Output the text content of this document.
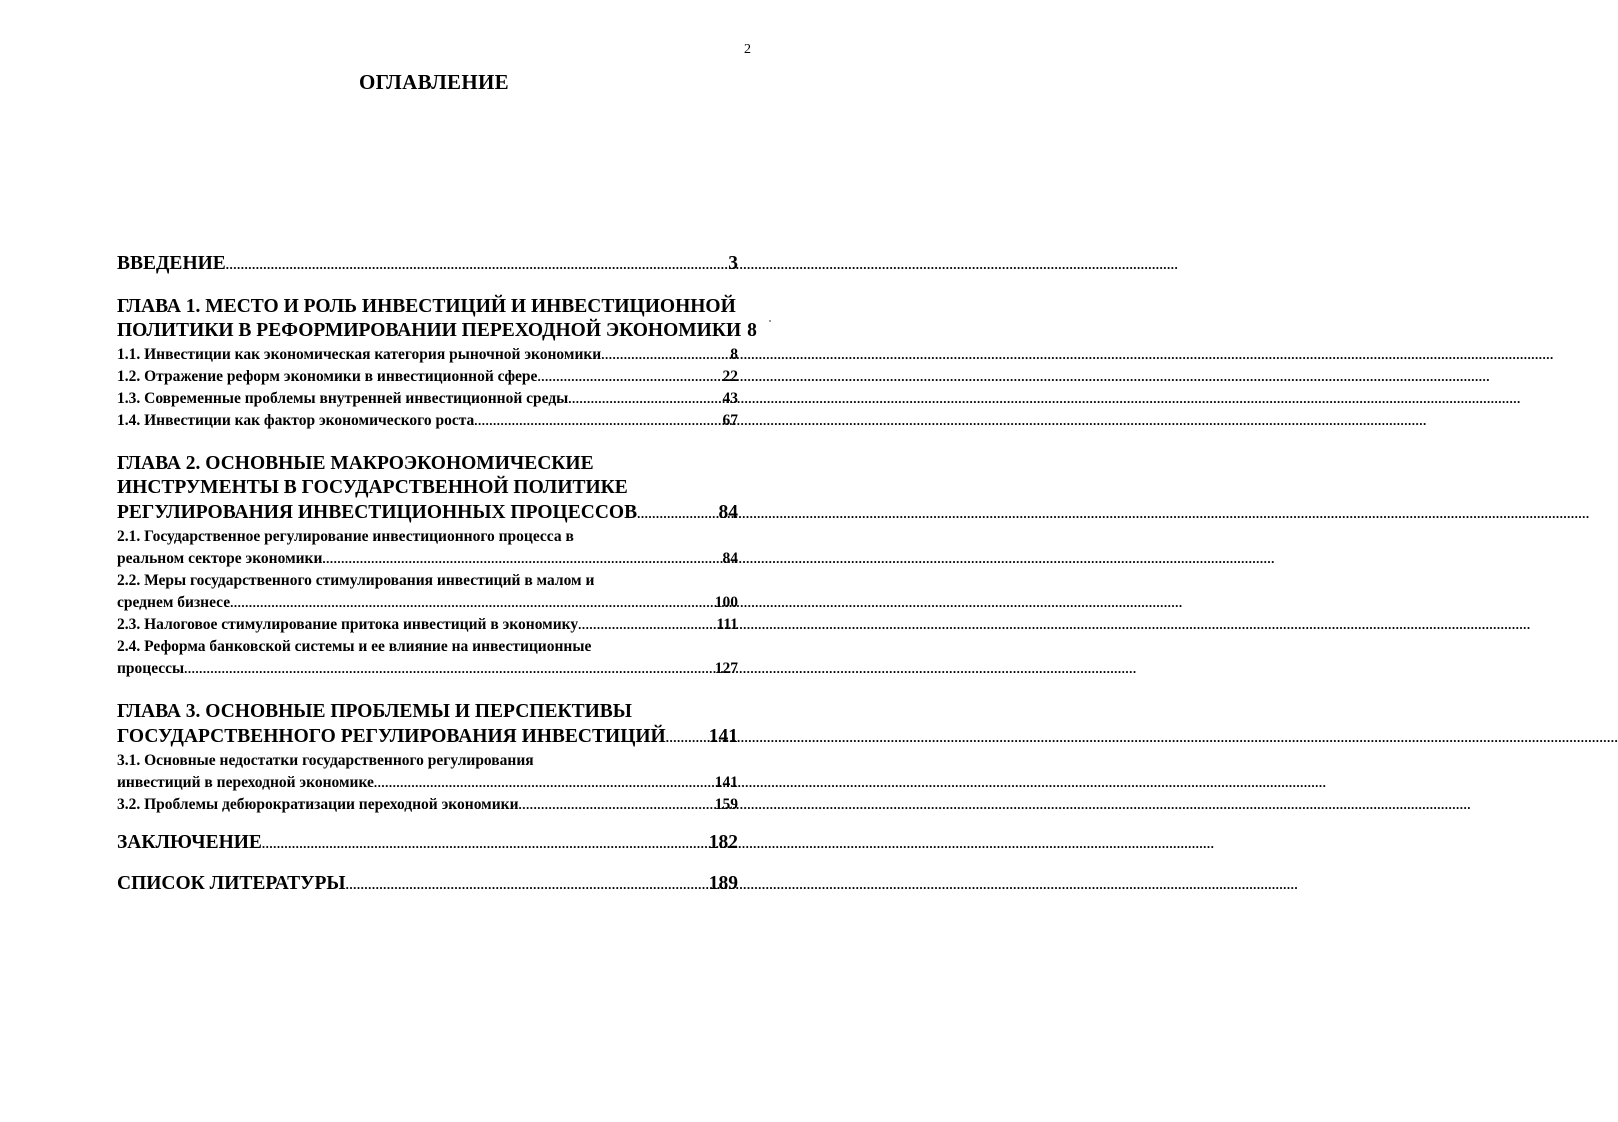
2
ОГЛАВЛЕНИЕ
ВВЕДЕНИЕ .....	3
ГЛАВА 1. МЕСТО И РОЛЬ ИНВЕСТИЦИЙ И ИНВЕСТИЦИОННОЙ
ПОЛИТИКИ В РЕФОРМИРОВАНИИ ПЕРЕХОДНОЙ ЭКОНОМИКИ 8
1.1. Инвестиции как экономическая категория рыночной экономики .....	8
1.2. Отражение реформ экономики в инвестиционной сфере .....	22
1.3. Современные проблемы внутренней инвестиционной среды .....	43
1.4. Инвестиции как фактор экономического роста .....	67
ГЛАВА 2. ОСНОВНЫЕ МАКРОЭКОНОМИЧЕСКИЕ
ИНСТРУМЕНТЫ В ГОСУДАРСТВЕННОЙ ПОЛИТИКЕ
РЕГУЛИРОВАНИЯ ИНВЕСТИЦИОННЫХ ПРОЦЕССОВ .....	84
2.1. Государственное регулирование инвестиционного процесса в
реальном секторе экономики .....	84
2.2. Меры государственного стимулирования инвестиций в малом и
среднем бизнесе .....	100
2.3. Налоговое стимулирование притока инвестиций в экономику .....	111
2.4. Реформа банковской системы и ее влияние на инвестиционные
процессы .....	127
ГЛАВА 3. ОСНОВНЫЕ ПРОБЛЕМЫ И ПЕРСПЕКТИВЫ
ГОСУДАРСТВЕННОГО РЕГУЛИРОВАНИЯ ИНВЕСТИЦИЙ ..... 141
3.1. Основные недостатки государственного регулирования
инвестиций в переходной экономике .....	141
3.2. Проблемы дебюрократизации переходной экономики .....	159
ЗАКЛЮЧЕНИЕ .....	182
СПИСОК ЛИТЕРАТУРЫ .....	189
